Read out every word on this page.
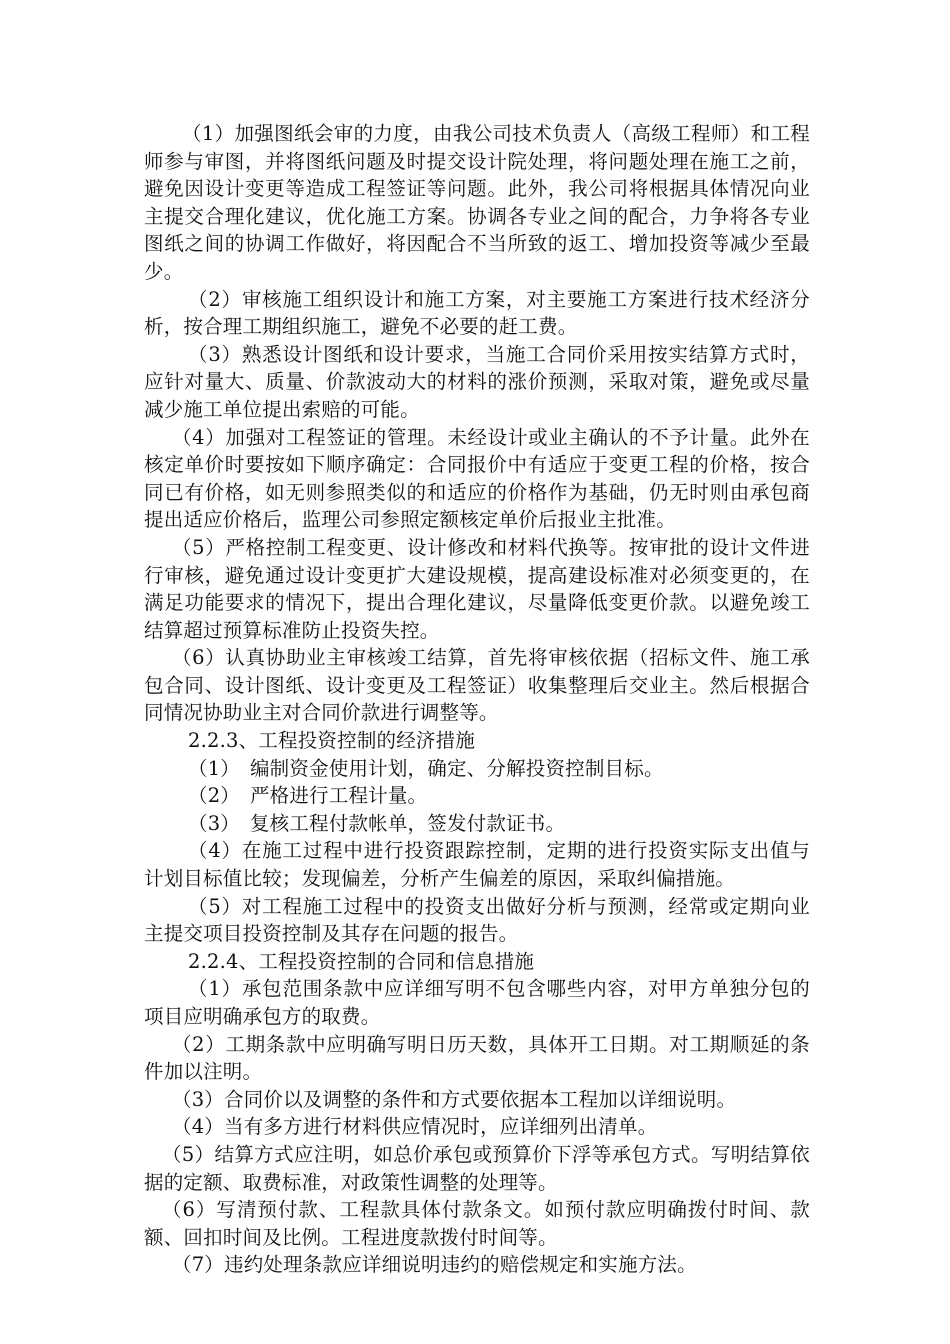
（1）加强图纸会审的力度，由我公司技术负责人（高级工程师）和工程师参与审图，并将图纸问题及时提交设计院处理，将问题处理在施工之前，避免因设计变更等造成工程签证等问题。此外，我公司将根据具体情况向业主提交合理化建议，优化施工方案。协调各专业之间的配合，力争将各专业图纸之间的协调工作做好，将因配合不当所致的返工、增加投资等减少至最少。

（2）审核施工组织设计和施工方案，对主要施工方案进行技术经济分析，按合理工期组织施工，避免不必要的赶工费。

（3）熟悉设计图纸和设计要求，当施工合同价采用按实结算方式时，应针对量大、质量、价款波动大的材料的涨价预测，采取对策，避免或尽量减少施工单位提出索赔的可能。

（4）加强对工程签证的管理。未经设计或业主确认的不予计量。此外在核定单价时要按如下顺序确定：合同报价中有适应于变更工程的价格，按合同已有价格，如无则参照类似的和适应的价格作为基础，仍无时则由承包商提出适应价格后，监理公司参照定额核定单价后报业主批准。

（5）严格控制工程变更、设计修改和材料代换等。按审批的设计文件进行审核，避免通过设计变更扩大建设规模，提高建设标准对必须变更的，在满足功能要求的情况下，提出合理化建议，尽量降低变更价款。以避免竣工结算超过预算标准防止投资失控。

（6）认真协助业主审核竣工结算，首先将审核依据（招标文件、施工承包合同、设计图纸、设计变更及工程签证）收集整理后交业主。然后根据合同情况协助业主对合同价款进行调整等。

2.2.3、工程投资控制的经济措施

（1）　编制资金使用计划，确定、分解投资控制目标。

（2）　严格进行工程计量。

（3）　复核工程付款帐单，签发付款证书。

（4）在施工过程中进行投资跟踪控制，定期的进行投资实际支出值与计划目标值比较；发现偏差，分析产生偏差的原因，采取纠偏措施。

（5）对工程施工过程中的投资支出做好分析与预测，经常或定期向业主提交项目投资控制及其存在问题的报告。

2.2.4、工程投资控制的合同和信息措施

（1）承包范围条款中应详细写明不包含哪些内容，对甲方单独分包的项目应明确承包方的取费。

（2）工期条款中应明确写明日历天数，具体开工日期。对工期顺延的条件加以注明。

（3）合同价以及调整的条件和方式要依据本工程加以详细说明。

（4）当有多方进行材料供应情况时，应详细列出清单。

（5）结算方式应注明，如总价承包或预算价下浮等承包方式。写明结算依据的定额、取费标准，对政策性调整的处理等。

（6）写清预付款、工程款具体付款条文。如预付款应明确拨付时间、款额、回扣时间及比例。工程进度款拨付时间等。

（7）违约处理条款应详细说明违约的赔偿规定和实施方法。
